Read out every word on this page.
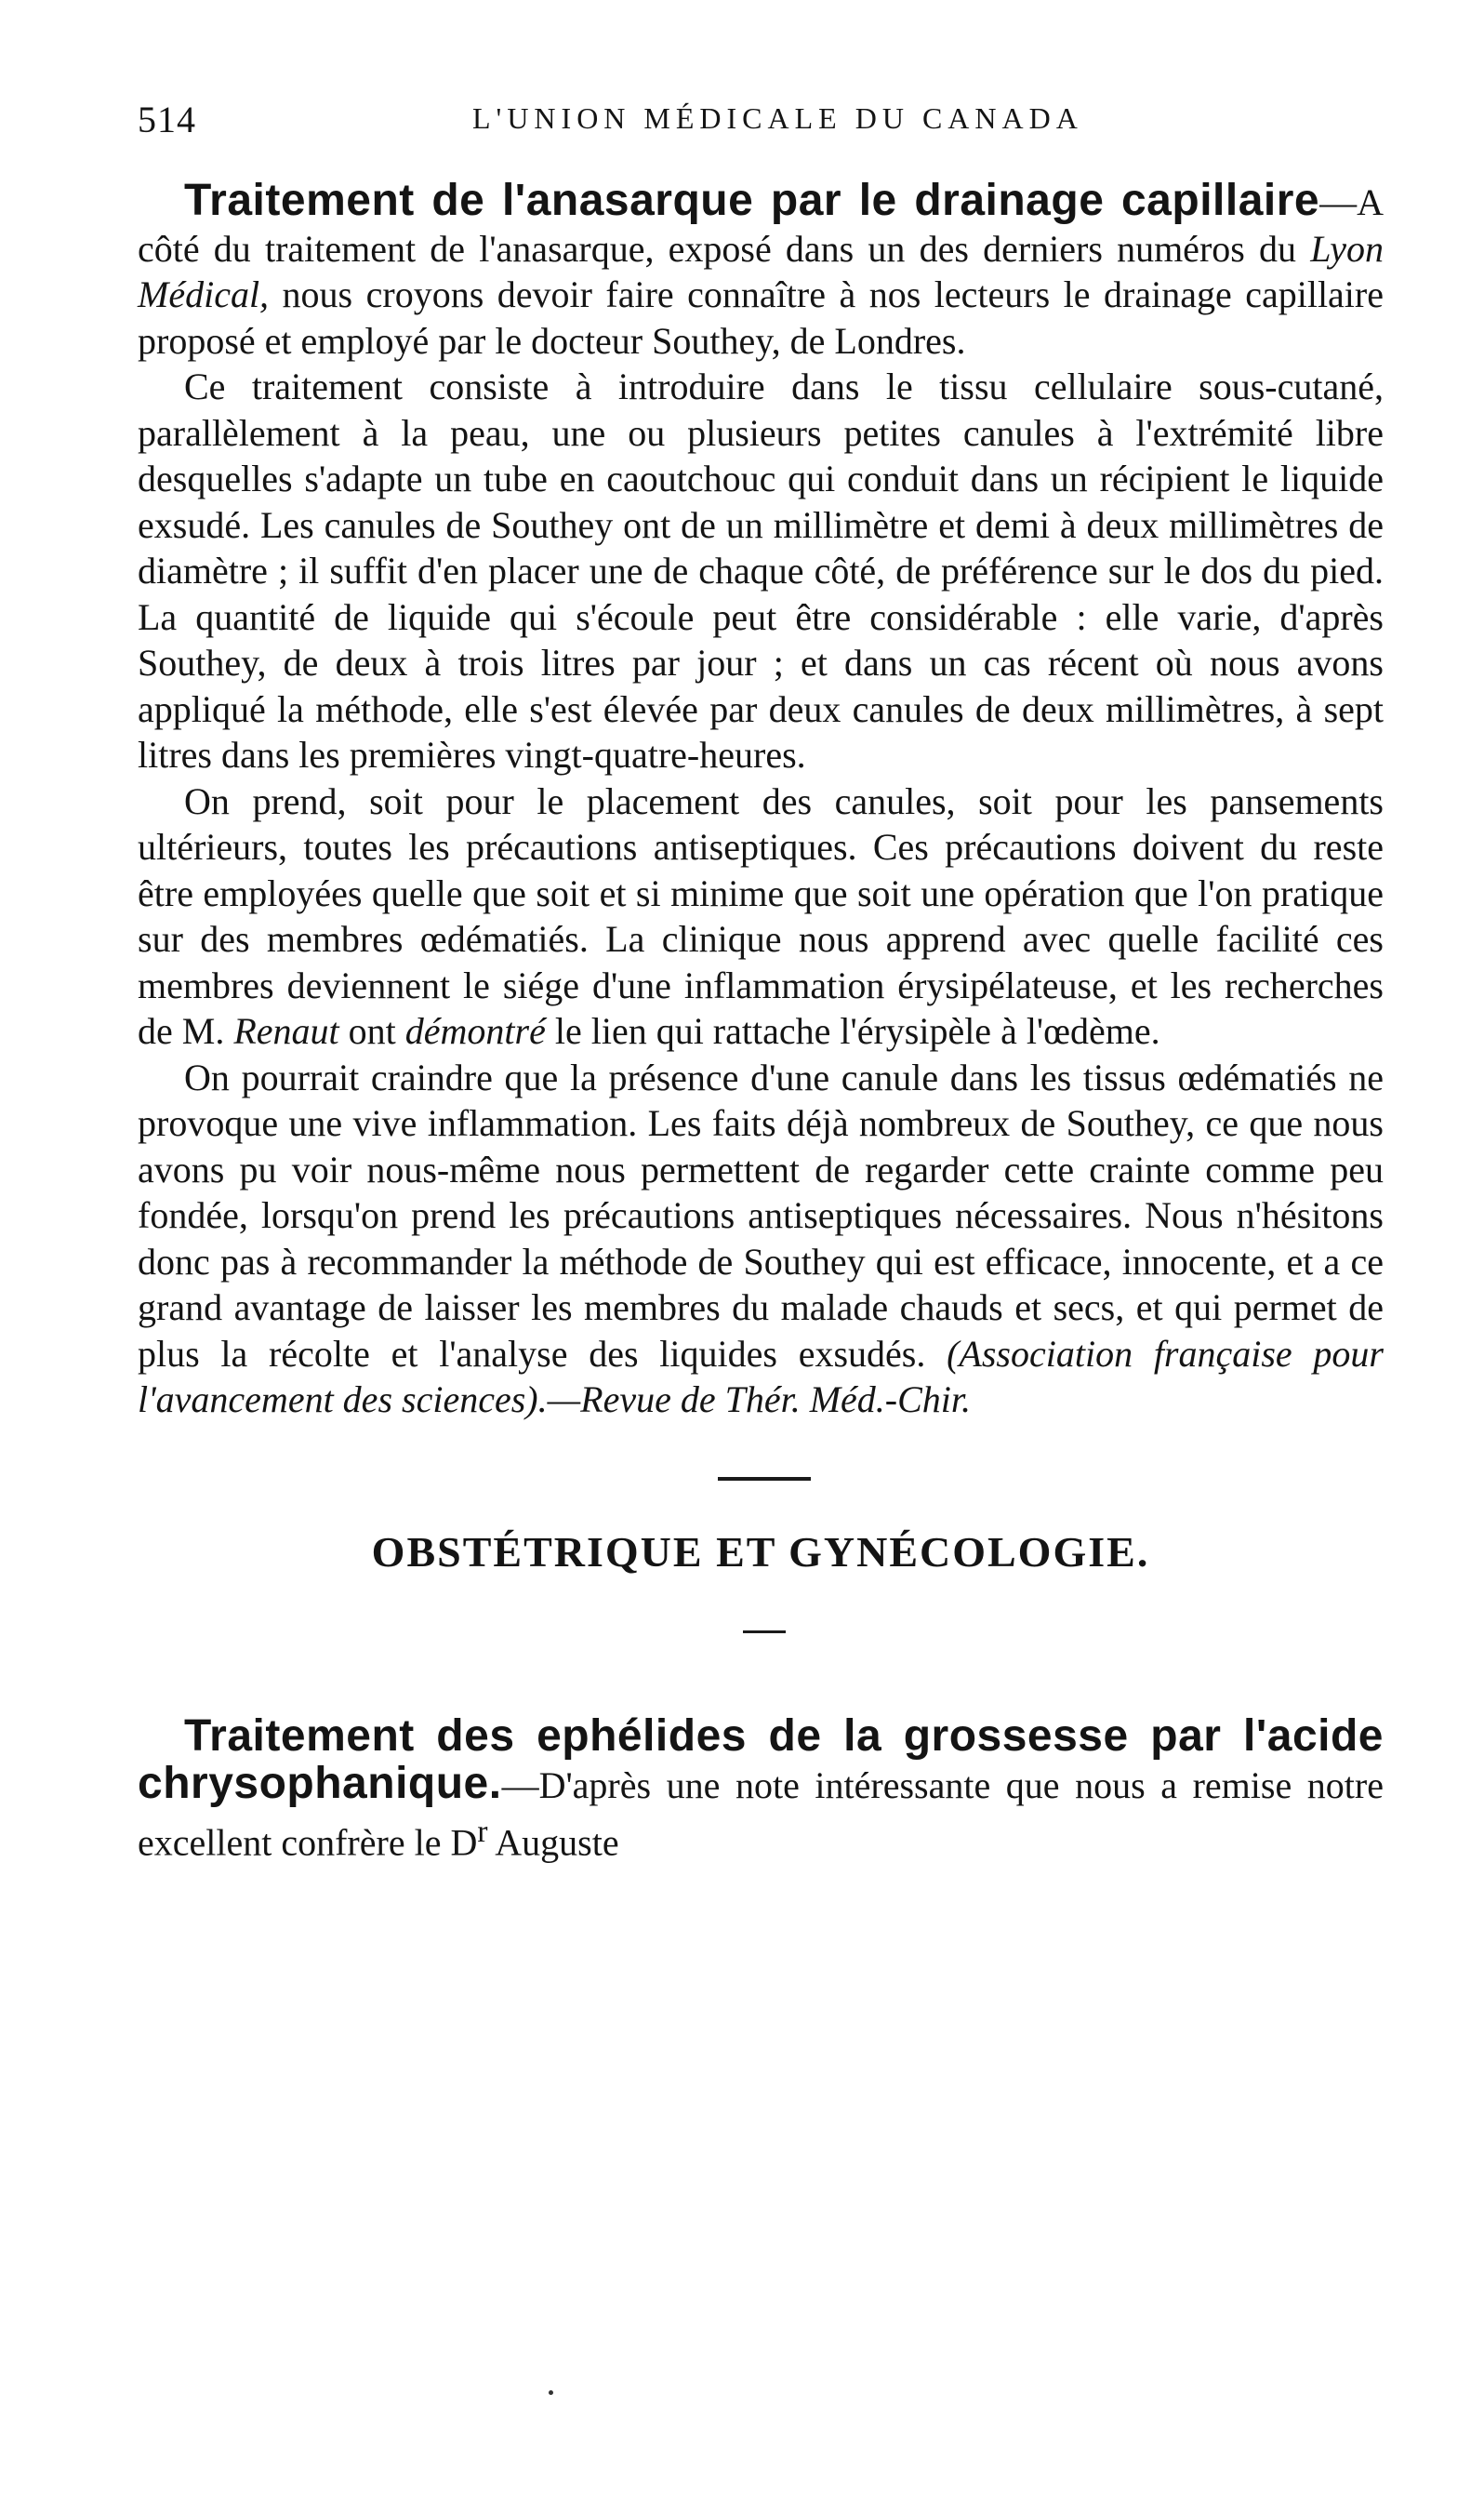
514	L'UNION MÉDICALE DU CANADA

Traitement de l'anasarque par le drainage capillaire—A côté du traitement de l'anasarque, exposé dans un des derniers numéros du Lyon Médical, nous croyons devoir faire connaître à nos lecteurs le drainage capillaire proposé et employé par le docteur Southey, de Londres.

Ce traitement consiste à introduire dans le tissu cellulaire sous-cutané, parallèlement à la peau, une ou plusieurs petites canules à l'extrémité libre desquelles s'adapte un tube en caoutchouc qui conduit dans un récipient le liquide exsudé. Les canules de Southey ont de un millimètre et demi à deux millimètres de diamètre ; il suffit d'en placer une de chaque côté, de préférence sur le dos du pied. La quantité de liquide qui s'écoule peut être considérable : elle varie, d'après Southey, de deux à trois litres par jour ; et dans un cas récent où nous avons appliqué la méthode, elle s'est élevée par deux canules de deux millimètres, à sept litres dans les premières vingt-quatre-heures.

On prend, soit pour le placement des canules, soit pour les pansements ultérieurs, toutes les précautions antiseptiques. Ces précautions doivent du reste être employées quelle que soit et si minime que soit une opération que l'on pratique sur des membres œdématiés. La clinique nous apprend avec quelle facilité ces membres deviennent le siége d'une inflammation érysipélateuse, et les recherches de M. Renaut ont démontré le lien qui rattache l'érysipèle à l'œdème.

On pourrait craindre que la présence d'une canule dans les tissus œdématiés ne provoque une vive inflammation. Les faits déjà nombreux de Southey, ce que nous avons pu voir nous-même nous permettent de regarder cette crainte comme peu fondée, lorsqu'on prend les précautions antiseptiques nécessaires. Nous n'hésitons donc pas à recommander la méthode de Southey qui est efficace, innocente, et a ce grand avantage de laisser les membres du malade chauds et secs, et qui permet de plus la récolte et l'analyse des liquides exsudés. (Association française pour l'avancement des sciences).—Revue de Thér. Méd.-Chir.

OBSTÉTRIQUE ET GYNÉCOLOGIE.

Traitement des ephélides de la grossesse par l'acide chrysophanique.—D'après une note intéressante que nous a remise notre excellent confrère le $D^r$ Auguste
